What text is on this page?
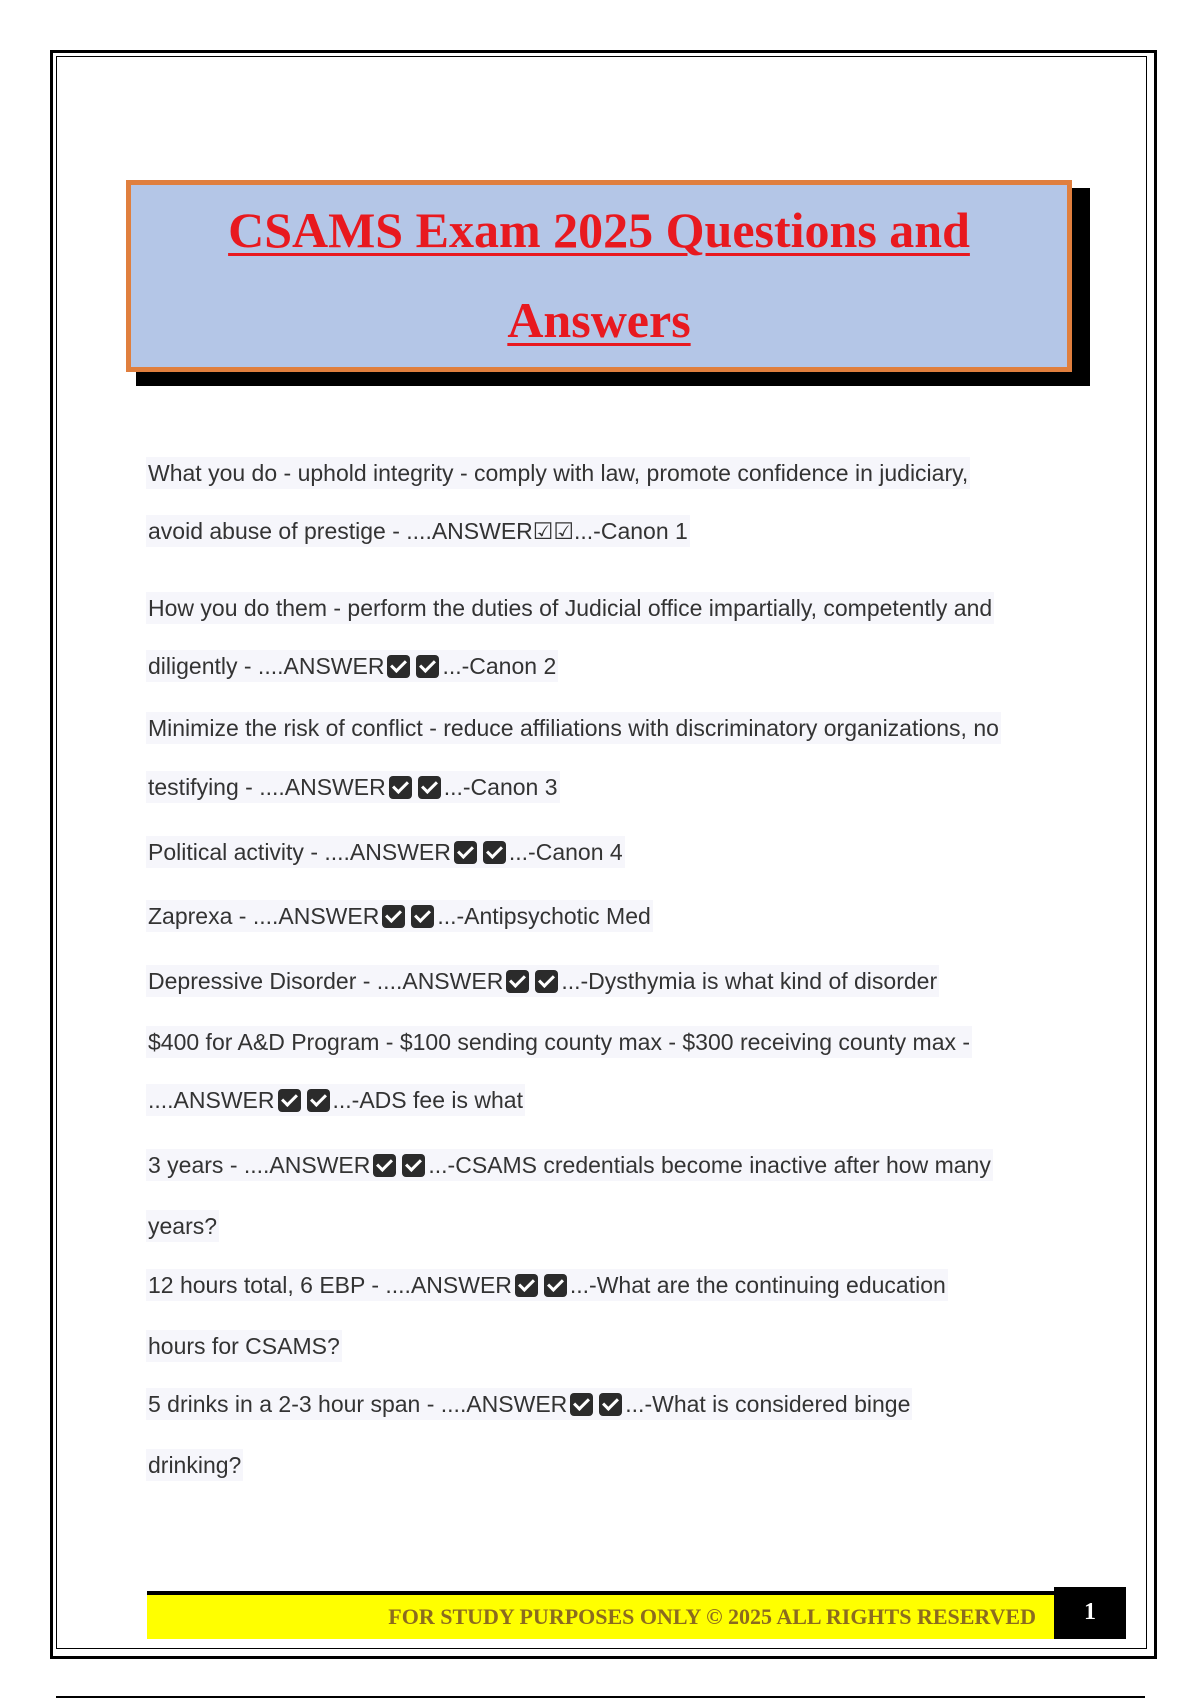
CSAMS Exam 2025 Questions and

Answers

What you do - uphold integrity - comply with law, promote confidence in judiciary,
avoid abuse of prestige - ....ANSWER☑☑...-Canon 1
How you do them - perform the duties of Judicial office impartially, competently and
diligently - ....ANSWER	...-Canon 2
Minimize the risk of conflict - reduce affiliations with discriminatory organizations, no
testifying - ....ANSWER	...-Canon 3
Political activity - ....ANSWER	...-Canon 4
Zaprexa - ....ANSWER	...-Antipsychotic Med
Depressive Disorder - ....ANSWER	...-Dysthymia is what kind of disorder
$400 for A&D Program - $100 sending county max - $300 receiving county max -
....ANSWER	...-ADS fee is what
3 years - ....ANSWER	...-CSAMS credentials become inactive after how many
years?
12 hours total, 6 EBP - ....ANSWER	...-What are the continuing education
hours for CSAMS?
5 drinks in a 2-3 hour span - ....ANSWER	...-What is considered binge
drinking?
FOR STUDY PURPOSES ONLY © 2025 ALL RIGHTS RESERVED	1
